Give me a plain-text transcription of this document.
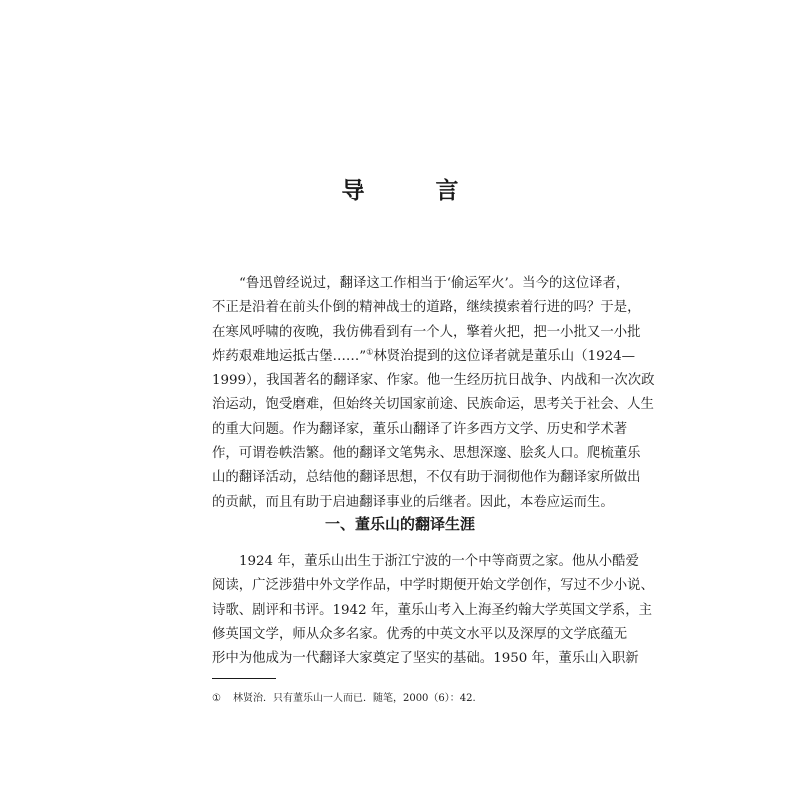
导　言
“鲁迅曾经说过，翻译这工作相当于‘偷运军火’。当今的这位译者，
不正是沿着在前头仆倒的精神战士的道路，继续摸索着行进的吗？于是，
在寒风呼啸的夜晚，我仿佛看到有一个人，擎着火把，把一小批又一小批
炸药艰难地运抵古堡……”①林贤治提到的这位译者就是董乐山（1924—
1999），我国著名的翻译家、作家。他一生经历抗日战争、内战和一次次政
治运动，饱受磨难，但始终关切国家前途、民族命运，思考关于社会、人生
的重大问题。作为翻译家，董乐山翻译了许多西方文学、历史和学术著
作，可谓卷帙浩繁。他的翻译文笔隽永、思想深邃、脍炙人口。爬梳董乐
山的翻译活动，总结他的翻译思想，不仅有助于洞彻他作为翻译家所做出
的贡献，而且有助于启迪翻译事业的后继者。因此，本卷应运而生。
一、董乐山的翻译生涯
1924 年，董乐山出生于浙江宁波的一个中等商贾之家。他从小酷爱
阅读，广泛涉猎中外文学作品，中学时期便开始文学创作，写过不少小说、
诗歌、剧评和书评。1942 年，董乐山考入上海圣约翰大学英国文学系，主
修英国文学，师从众多名家。优秀的中英文水平以及深厚的文学底蕴无
形中为他成为一代翻译大家奠定了坚实的基础。1950 年，董乐山入职新
① 林贤治．只有董乐山一人而已．随笔，2000（6）：42.
